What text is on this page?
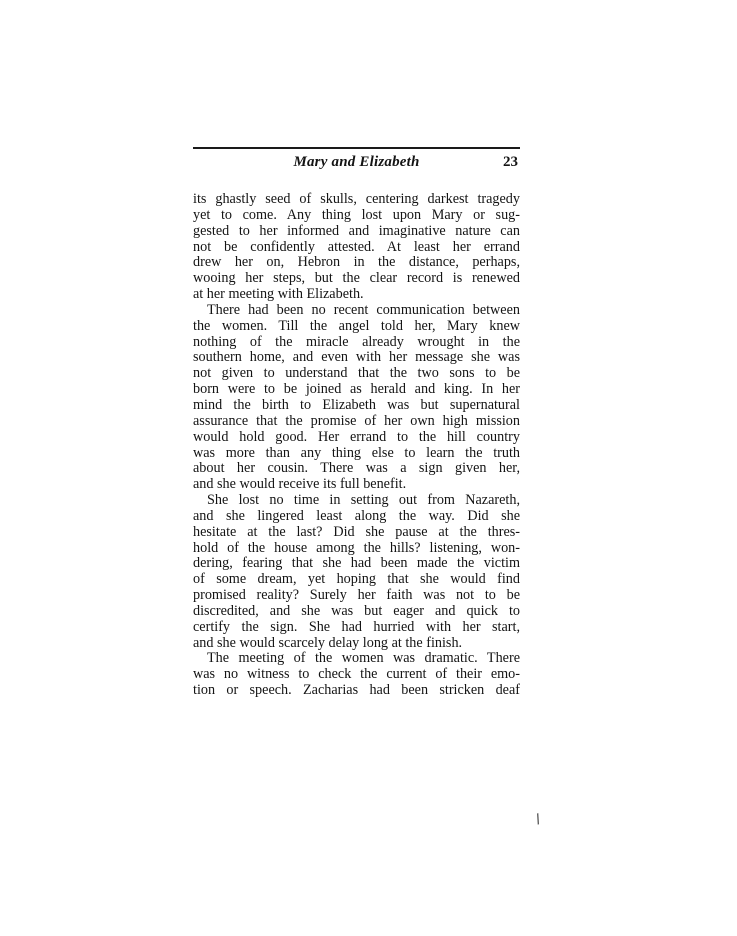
Mary and Elizabeth	23

its ghastly seed of skulls, centering darkest tragedy
yet to come. Any thing lost upon Mary or sug-
gested to her informed and imaginative nature can
not be confidently attested. At least her errand
drew her on, Hebron in the distance, perhaps,
wooing her steps, but the clear record is renewed
at her meeting with Elizabeth.

There had been no recent communication between
the women. Till the angel told her, Mary knew
nothing of the miracle already wrought in the
southern home, and even with her message she was
not given to understand that the two sons to be
born were to be joined as herald and king. In her
mind the birth to Elizabeth was but supernatural
assurance that the promise of her own high mission
would hold good. Her errand to the hill country
was more than any thing else to learn the truth
about her cousin. There was a sign given her,
and she would receive its full benefit.

She lost no time in setting out from Nazareth,
and she lingered least along the way. Did she
hesitate at the last? Did she pause at the thres-
hold of the house among the hills? listening, won-
dering, fearing that she had been made the victim
of some dream, yet hoping that she would find
promised reality? Surely her faith was not to be
discredited, and she was but eager and quick to
certify the sign. She had hurried with her start,
and she would scarcely delay long at the finish.

The meeting of the women was dramatic. There
was no witness to check the current of their emo-
tion or speech. Zacharias had been stricken deaf

/
